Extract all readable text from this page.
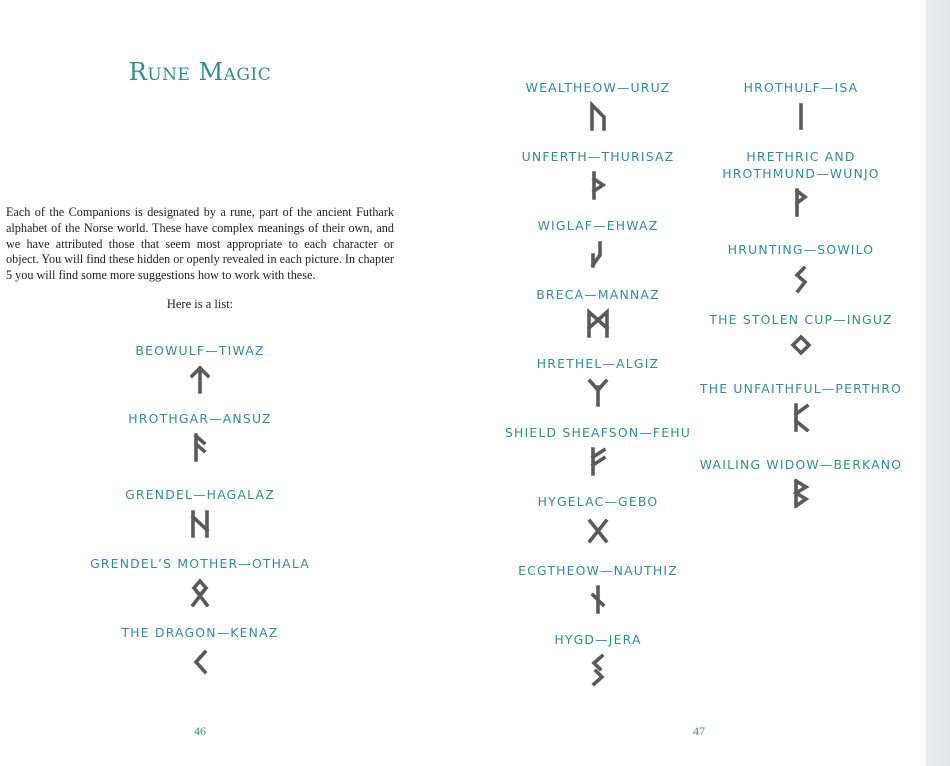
Rune Magic

Each of the Companions is designated by a rune, part of the ancient Futhark alphabet of the Norse world. These have complex meanings of their own, and we have attributed those that seem most appropriate to each character or object. You will find these hidden or openly revealed in each picture. In chapter 5 you will find some more suggestions how to work with these.

Here is a list:
BEOWULF—TIWAZ
HROTHGAR—ANSUZ
GRENDEL—HAGALAZ
GRENDEL’S MOTHER—OTHALA
THE DRAGON—KENAZ
46
WEALTHEOW—URUZ
UNFERTH—THURISAZ
WIGLAF—EHWAZ
BRECA—MANNAZ
HRETHEL—ALGIZ
SHIELD SHEAFSON—FEHU
HYGELAC—GEBO
ECGTHEOW—NAUTHIZ
HYGD—JERA
47
HROTHULF—ISA
HRETHRIC AND HROTHMUND—WUNJO
HRUNTING—SOWILO
THE STOLEN CUP—INGUZ
THE UNFAITHFUL—PERTHRO
WAILING WIDOW—BERKANO
